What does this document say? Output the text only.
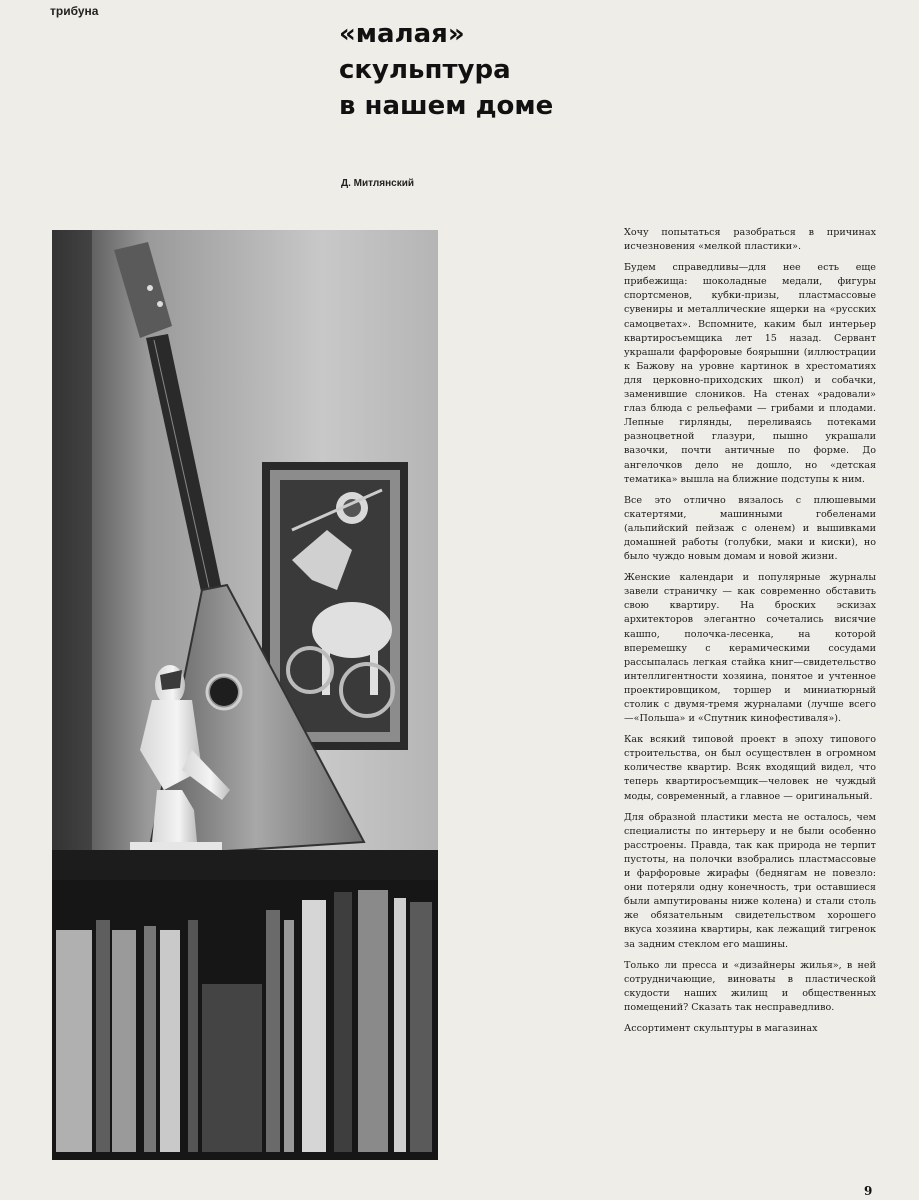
трибуна
«малая»
скульптура
в нашем доме
Д. Митлянский

Хочу попытаться разобраться в причинах исчезновения «мелкой пластики».

Будем справедливы—для нее есть еще прибежища: шоколадные медали, фигуры спортсменов, кубки-призы, пластмассовые сувениры и металлические ящерки на «русских самоцветах». Вспомните, каким был интерьер квартиросъемщика лет 15 назад. Сервант украшали фарфоровые боярышни (иллюстрации к Бажову на уровне картинок в хрестоматиях для церковно-приходских школ) и собачки, заменившие слоников. На стенах «радовали» глаз блюда с рельефами — грибами и плодами. Лепные гирлянды, переливаясь потеками разноцветной глазури, пышно украшали вазочки, почти античные по форме. До ангелочков дело не дошло, но «детская тематика» вышла на ближние подступы к ним.

Все это отлично вязалось с плюшевыми скатертями, машинными гобеленами (альпийский пейзаж с оленем) и вышивками домашней работы (голубки, маки и киски), но было чуждо новым домам и новой жизни.

Женские календари и популярные журналы завели страничку — как современно обставить свою квартиру. На броских эскизах архитекторов элегантно сочетались висячие кашпо, полочка-лесенка, на которой вперемешку с керамическими сосудами рассыпалась легкая стайка книг—свидетельство интеллигентности хозяина, понятое и учтенное проектировщиком, торшер и миниатюрный столик с двумя-тремя журналами (лучше всего—«Польша» и «Спутник кинофестиваля»).

Как всякий типовой проект в эпоху типового строительства, он был осуществлен в огромном количестве квартир. Всяк входящий видел, что теперь квартиросъемщик—человек не чуждый моды, современный, а главное — оригинальный.

Для образной пластики места не осталось, чем специалисты по интерьеру и не были особенно расстроены. Правда, так как природа не терпит пустоты, на полочки взобрались пластмассовые и фарфоровые жирафы (беднягам не повезло: они потеряли одну конечность, три оставшиеся были ампутированы ниже колена) и стали столь же обязательным свидетельством хорошего вкуса хозяина квартиры, как лежащий тигренок за задним стеклом его машины.

Только ли пресса и «дизайнеры жилья», в ней сотрудничающие, виноваты в пластической скудости наших жилищ и общественных помещений? Сказать так несправедливо.

Ассортимент скульптуры в магазинах

9
